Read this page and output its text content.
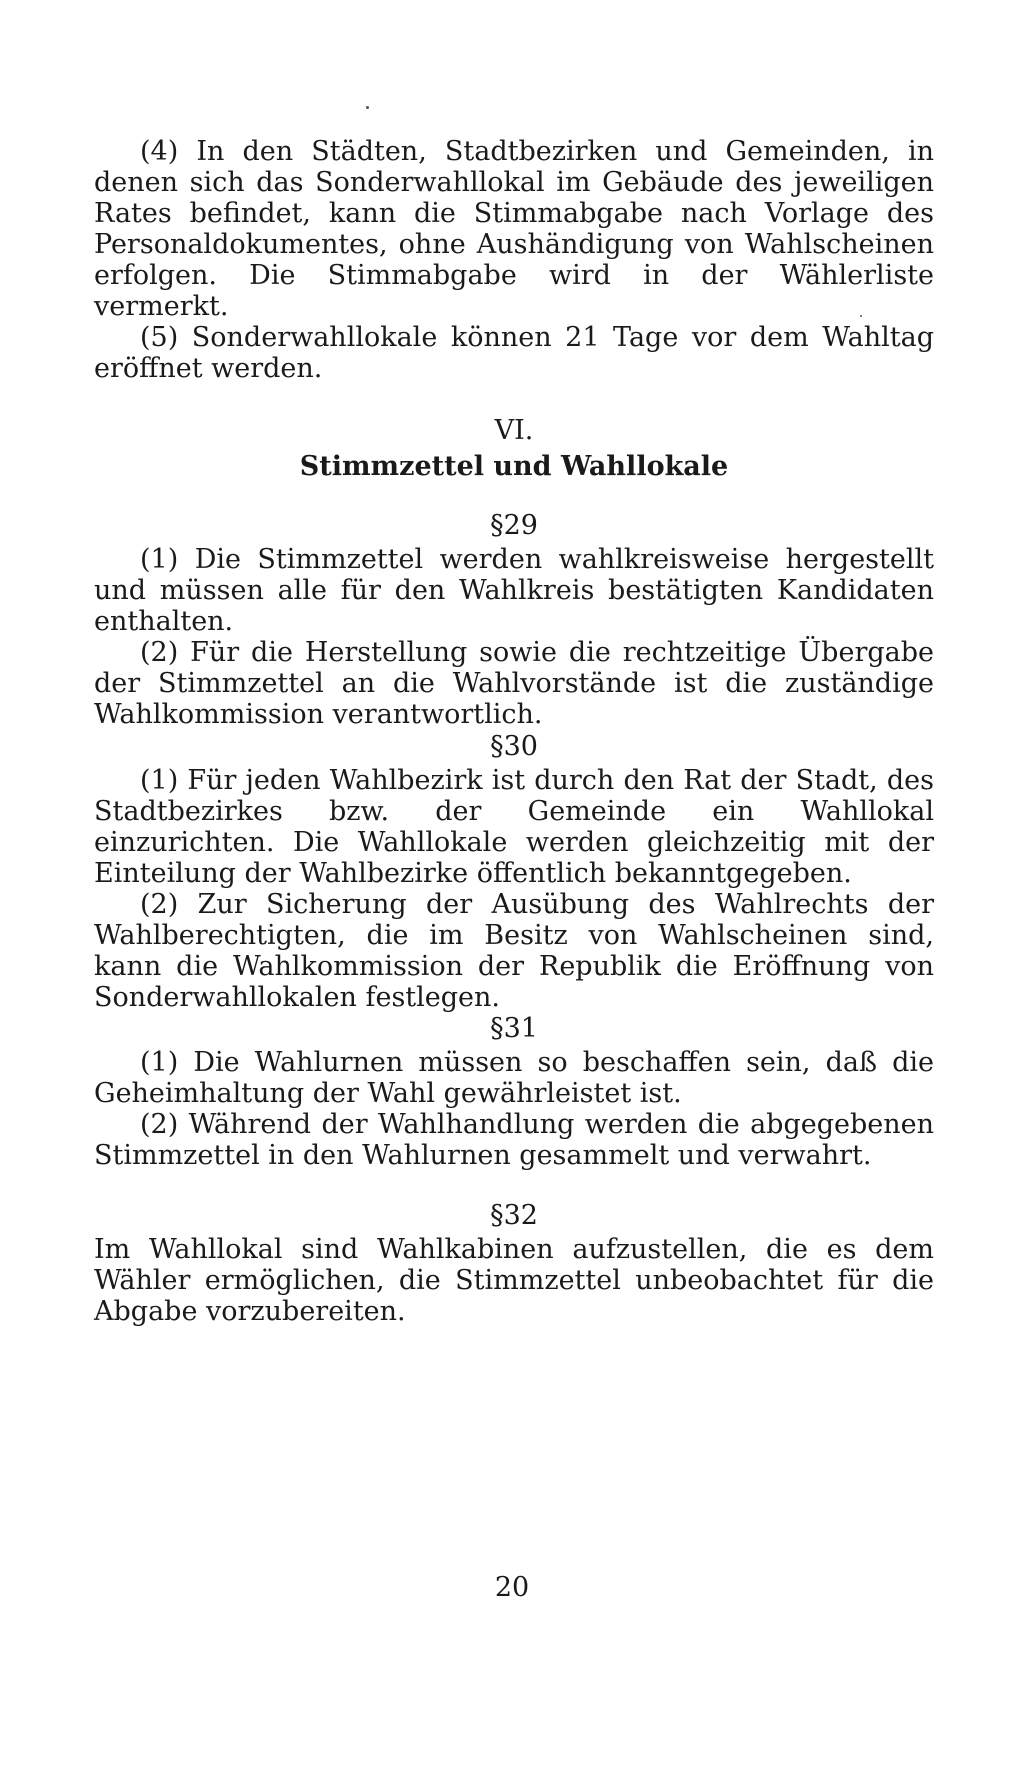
(4) In den Städten, Stadtbezirken und Gemeinden, in denen sich das Sonderwahllokal im Gebäude des jeweiligen Rates befindet, kann die Stimmabgabe nach Vorlage des Personaldokumentes, ohne Aushändigung von Wahlscheinen erfolgen. Die Stimmabgabe wird in der Wählerliste vermerkt.

(5) Sonderwahllokale können 21 Tage vor dem Wahltag eröffnet werden.

VI.
Stimmzettel und Wahllokale
§29

(1) Die Stimmzettel werden wahlkreisweise hergestellt und müssen alle für den Wahlkreis bestätigten Kandidaten enthalten.

(2) Für die Herstellung sowie die rechtzeitige Übergabe der Stimmzettel an die Wahlvorstände ist die zuständige Wahlkommission verantwortlich.

§30

(1) Für jeden Wahlbezirk ist durch den Rat der Stadt, des Stadtbezirkes bzw. der Gemeinde ein Wahllokal einzurichten. Die Wahllokale werden gleichzeitig mit der Einteilung der Wahlbezirke öffentlich bekanntgegeben.

(2) Zur Sicherung der Ausübung des Wahlrechts der Wahlberechtigten, die im Besitz von Wahlscheinen sind, kann die Wahlkommission der Republik die Eröffnung von Sonderwahllokalen festlegen.

§31

(1) Die Wahlurnen müssen so beschaffen sein, daß die Geheimhaltung der Wahl gewährleistet ist.

(2) Während der Wahlhandlung werden die abgegebenen Stimmzettel in den Wahlurnen gesammelt und verwahrt.

§32

Im Wahllokal sind Wahlkabinen aufzustellen, die es dem Wähler ermöglichen, die Stimmzettel unbeobachtet für die Abgabe vorzubereiten.

20
